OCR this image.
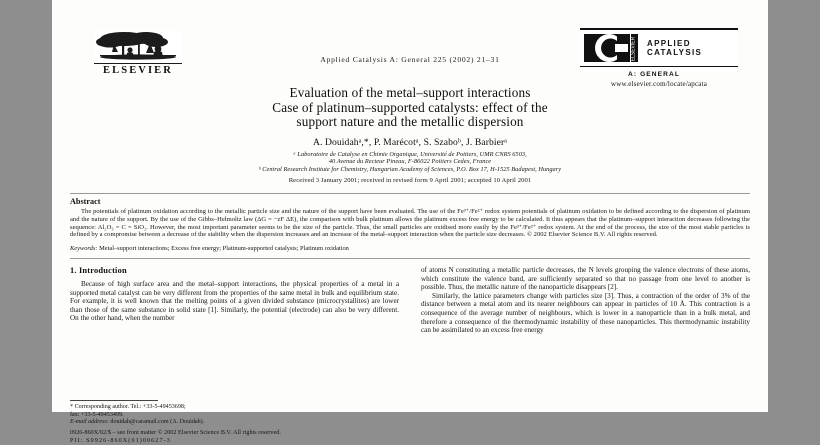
ELSEVIER
Applied Catalysis A: General 225 (2002) 21–31	ELSEVIER APPLIED CATALYSIS
A: GENERAL
www.elsevier.com/locate/apcata
Evaluation of the metal–support interactions
Case of platinum–supported catalysts: effect of the
support nature and the metallic dispersion
A. Douidahᵃ,*, P. Marécotᵃ, S. Szaboᵇ, J. Barbierᵃ
ᵃ Laboratoire de Catalyse en Chimie Organique, Université de Poitiers, UMR CNRS 6503,
40 Avenue du Recteur Pineau, F-86022 Poitiers Cedex, France
ᵇ Central Research Institute for Chemistry, Hungarian Academy of Sciences, P.O. Box 17, H-1525 Budapest, Hungary
Received 3 January 2001; received in revised form 9 April 2001; accepted 10 April 2001
Abstract
The potentials of platinum oxidation according to the metallic particle size and the nature of the support have been evaluated. The use of the Fe³⁺/Fe²⁺ redox system potentials of platinum oxidation to be defined according to the dispersion of platinum and the nature of the support. By the use of the Gibbs–Helmoltz law (ΔG = −zF ΔE), the comparison with bulk platinum allows the platinum excess free energy to be calculated. It thus appears that the platinum–support interaction decreases following the sequence: Al₂O₃ = C = SiO₂. However, the most important parameter seems to be the size of the particle. Thus, the small particles are oxidised more easily by the Fe³⁺/Fe²⁺ redox system. At the end of the process, the size of the most stable particles is defined by a compromise between a decrease of the stability when the dispersion increases and an increase of the metal–support interaction when the particle size decreases. © 2002 Elsevier Science B.V. All rights reserved.
Keywords: Metal–support interactions; Excess free energy; Platinum-supported catalysts; Platinum oxidation
1. Introduction

Because of high surface area and the metal–support interactions, the physical properties of a metal in a supported metal catalyst can be very different from the properties of the same metal in bulk and equilibrium state. For example, it is well known that the melting points of a given divided substance (microcrystallites) are lower than those of the same substance in solid state [1]. Similarly, the potential (electrode) can also be very different. On the other hand, when the number

* Corresponding author. Tel.: +33-5-49453698;
fax: +33-5-49453499.
E-mail address: douidah@caramail.com (A. Douidah).

of atoms N constituting a metallic particle decreases, the N levels grouping the valence electrons of these atoms, which constitute the valence band, are sufficiently separated so that no passage from one level to another is possible. Thus, the metallic nature of the nanoparticle disappears [2].

Similarly, the lattice parameters change with particles size [3]. Thus, a contraction of the order of 3% of the distance between a metal atom and its nearer neighbours can appear in particles of 10 Å. This contraction is a consequence of the average number of neighbours, which is lower in a nanoparticle than in a bulk metal, and therefore a consequence of the thermodynamic instability of these nanoparticles. This thermodynamic instability can be assimilated to an excess free energy

0926-860X/02/$ – see front matter © 2002 Elsevier Science B.V. All rights reserved.
PII: S0926-860X(01)00627-3
